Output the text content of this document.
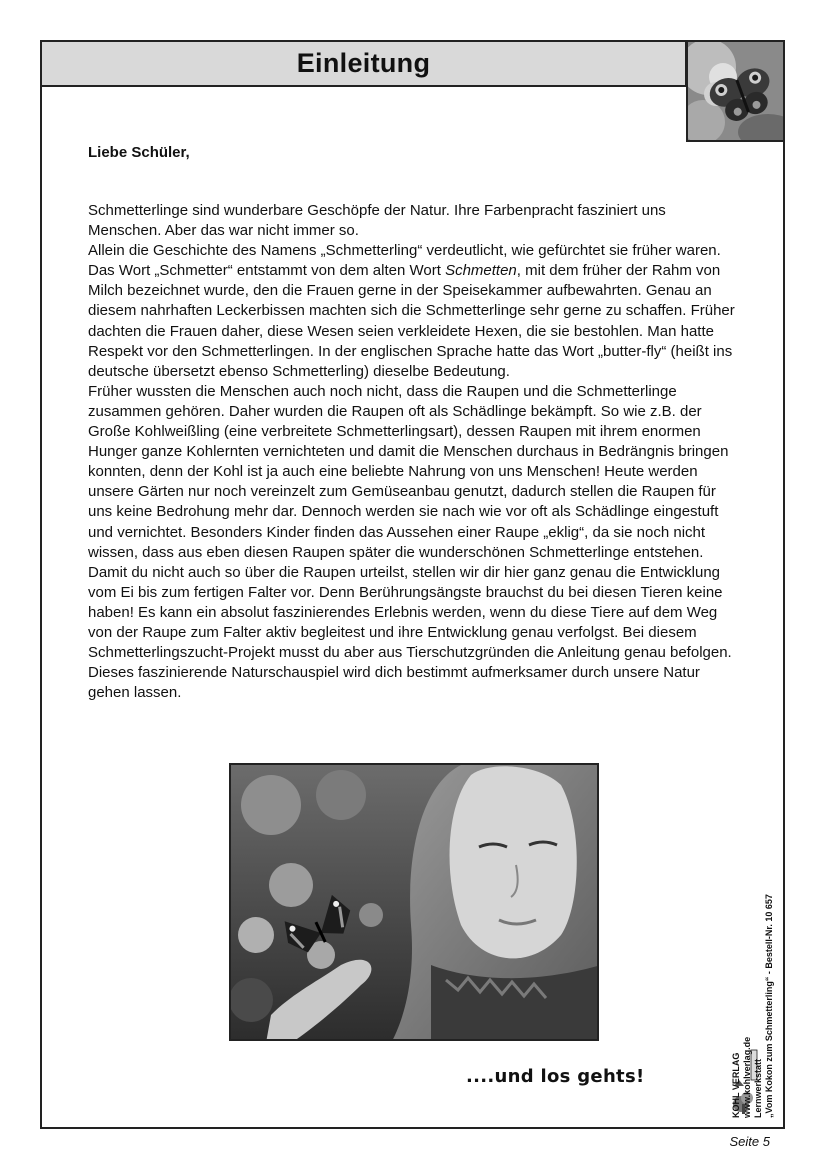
Einleitung
Liebe Schüler,

Schmetterlinge sind wunderbare Geschöpfe der Natur. Ihre Farbenpracht fasziniert uns Menschen. Aber das war nicht immer so.

Allein die Geschichte des Namens „Schmetterling“ verdeutlicht, wie gefürchtet sie früher waren. Das Wort „Schmetter“ entstammt von dem alten Wort Schmetten, mit dem früher der Rahm von Milch bezeichnet wurde, den die Frauen gerne in der Speisekammer aufbewahrten. Genau an diesem nahrhaften Leckerbissen machten sich die Schmetterlinge sehr gerne zu schaffen. Früher dachten die Frauen daher, diese Wesen seien verkleidete Hexen, die sie bestohlen. Man hatte Respekt vor den Schmetterlingen. In der englischen Sprache hatte das Wort „butter-fly“ (heißt ins deutsche übersetzt ebenso Schmetterling) dieselbe Bedeutung.

Früher wussten die Menschen auch noch nicht, dass die Raupen und die Schmetterlinge zusammen gehören. Daher wurden die Raupen oft als Schädlinge bekämpft. So wie z.B. der Große Kohlweißling (eine verbreitete Schmetterlingsart), dessen Raupen mit ihrem enormen Hunger ganze Kohlernten vernichteten und damit die Menschen durchaus in Bedrängnis bringen konnten, denn der Kohl ist ja auch eine beliebte Nahrung von uns Menschen! Heute werden unsere Gärten nur noch vereinzelt zum Gemüseanbau genutzt, dadurch stellen die Raupen für uns keine Bedrohung mehr dar. Dennoch werden sie nach wie vor oft als Schädlinge eingestuft und vernichtet. Besonders Kinder finden das Aussehen einer Raupe „eklig“, da sie noch nicht wissen, dass aus eben diesen Raupen später die wunderschönen Schmetterlinge entstehen.

Damit du nicht auch so über die Raupen urteilst, stellen wir dir hier ganz genau die Entwicklung vom Ei bis zum fertigen Falter vor. Denn Berührungsängste brauchst du bei diesen Tieren keine haben! Es kann ein absolut faszinierendes Erlebnis werden, wenn du diese Tiere auf dem Weg von der Raupe zum Falter aktiv begleitest und ihre Entwicklung genau verfolgst. Bei diesem Schmetterlingszucht-Projekt musst du aber aus Tierschutzgründen die Anleitung genau befolgen. Dieses faszinierende Naturschauspiel wird dich bestimmt aufmerksamer durch unsere Natur gehen lassen.

....und los gehts!	KOHL VERLAG www.kohlverlag.de Lernwerkstatt „Vom Kokon zum Schmetterling“ - Bestell-Nr. 10 657
Seite 5
